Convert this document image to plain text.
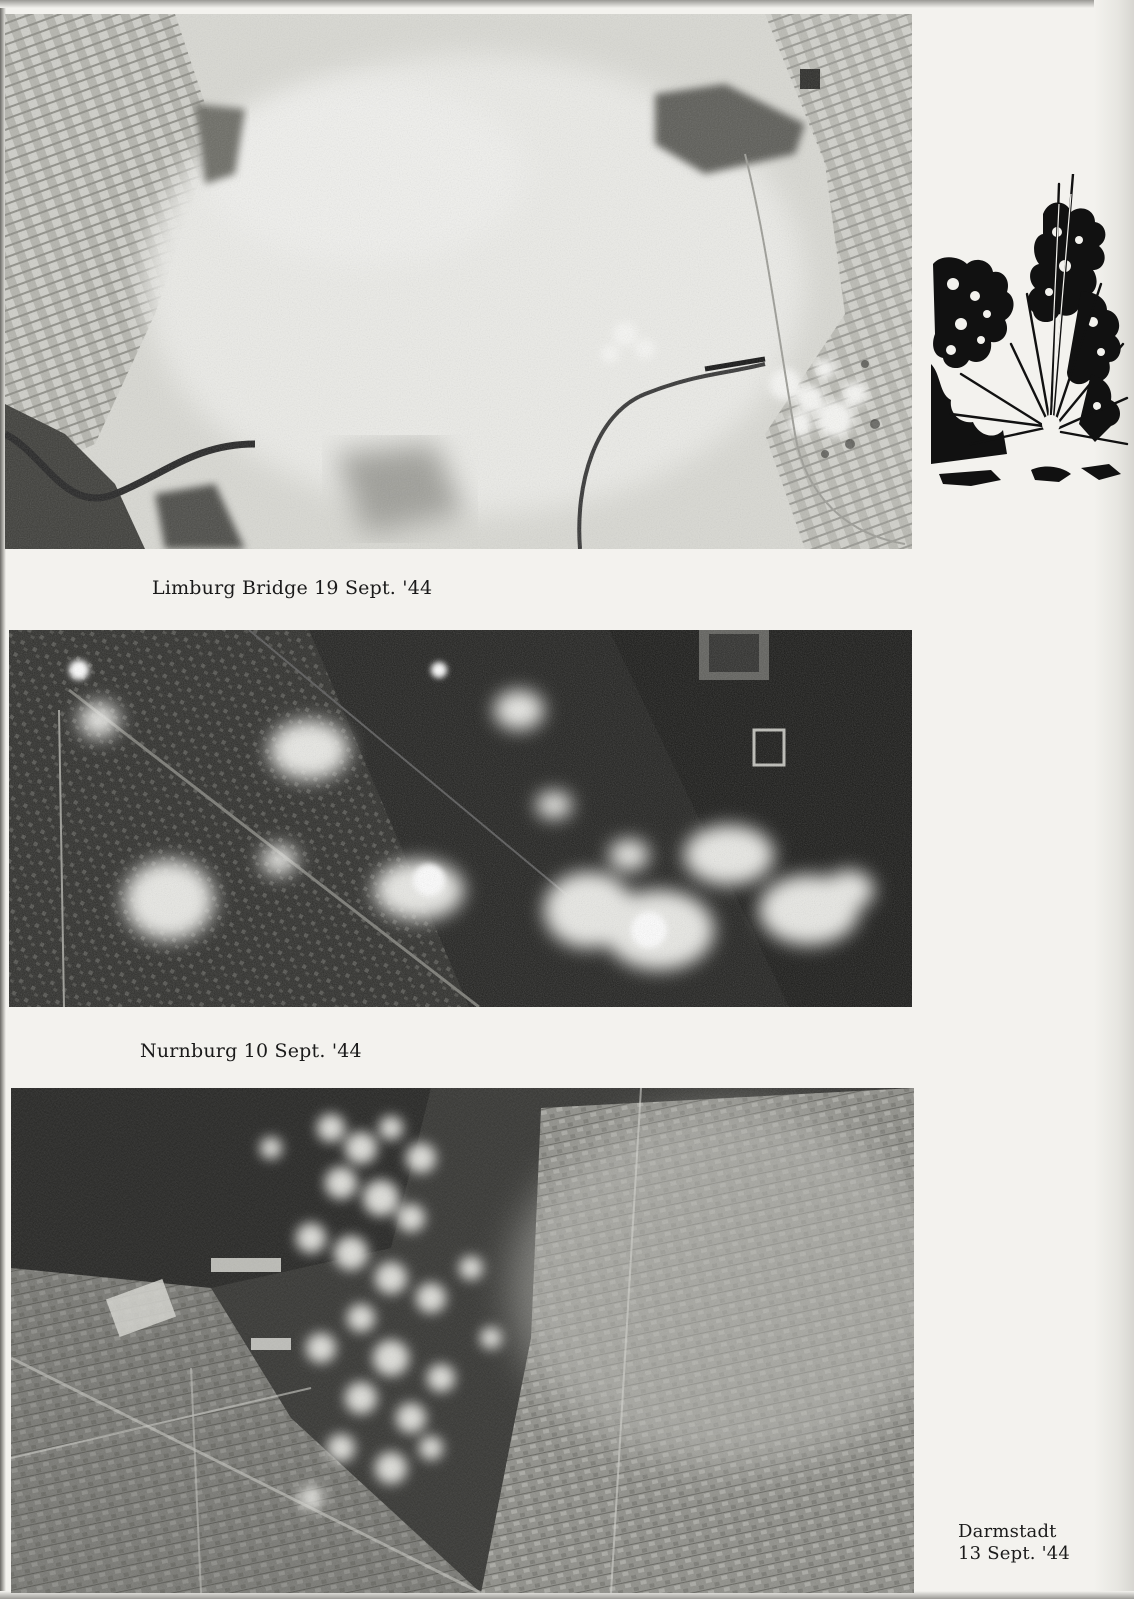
Limburg Bridge 19 Sept. '44
Nurnburg 10 Sept. '44
Darmstadt
13 Sept. '44
